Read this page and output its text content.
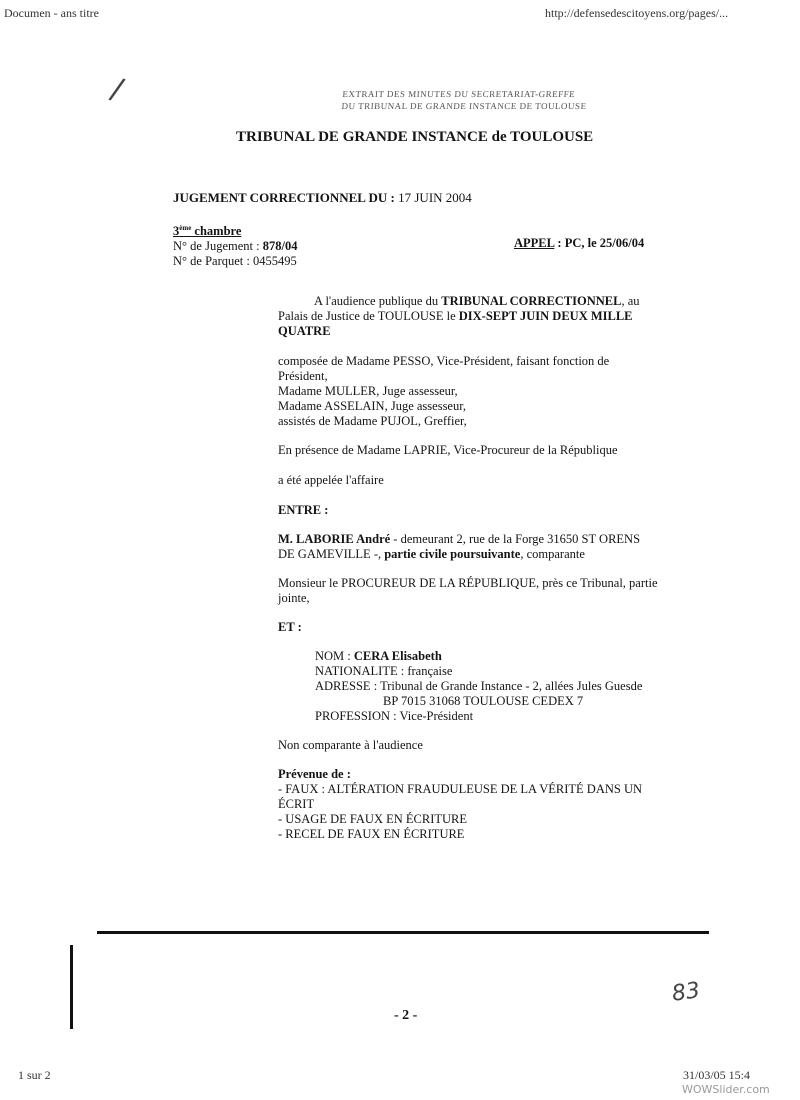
Documen - ans titre	http://defensedescitoyens.org/pages/...
/	EXTRAIT DES MINUTES DU SECRETARIAT-GREFFE
DU TRIBUNAL DE GRANDE INSTANCE DE TOULOUSE
TRIBUNAL DE GRANDE INSTANCE de TOULOUSE
JUGEMENT CORRECTIONNEL DU : 17 JUIN 2004
3ème chambre
N° de Jugement : 878/04
N° de Parquet : 0455495
APPEL : PC, le 25/06/04
A l'audience publique du TRIBUNAL CORRECTIONNEL, au
Palais de Justice de TOULOUSE le DIX-SEPT JUIN DEUX MILLE
QUATRE
composée de Madame PESSO, Vice-Président, faisant fonction de
Président,
Madame MULLER, Juge assesseur,
Madame ASSELAIN, Juge assesseur,
assistés de Madame PUJOL, Greffier,
En présence de Madame LAPRIE, Vice-Procureur de la République
a été appelée l'affaire
ENTRE :
M. LABORIE André - demeurant 2, rue de la Forge 31650 ST ORENS
DE GAMEVILLE -, partie civile poursuivante, comparante
Monsieur le PROCUREUR DE LA RÉPUBLIQUE, près ce Tribunal, partie
jointe,
ET :
NOM : CERA Elisabeth
NATIONALITE : française
ADRESSE : Tribunal de Grande Instance - 2, allées Jules Guesde
BP 7015 31068 TOULOUSE CEDEX 7
PROFESSION : Vice-Président
Non comparante à l'audience
Prévenue de :
- FAUX : ALTÉRATION FRAUDULEUSE DE LA VÉRITÉ DANS UN
ÉCRIT
- USAGE DE FAUX EN ÉCRITURE
- RECEL DE FAUX EN ÉCRITURE
83
- 2 -
1 sur 2	31/03/05 15:4
WOWSlider.com
